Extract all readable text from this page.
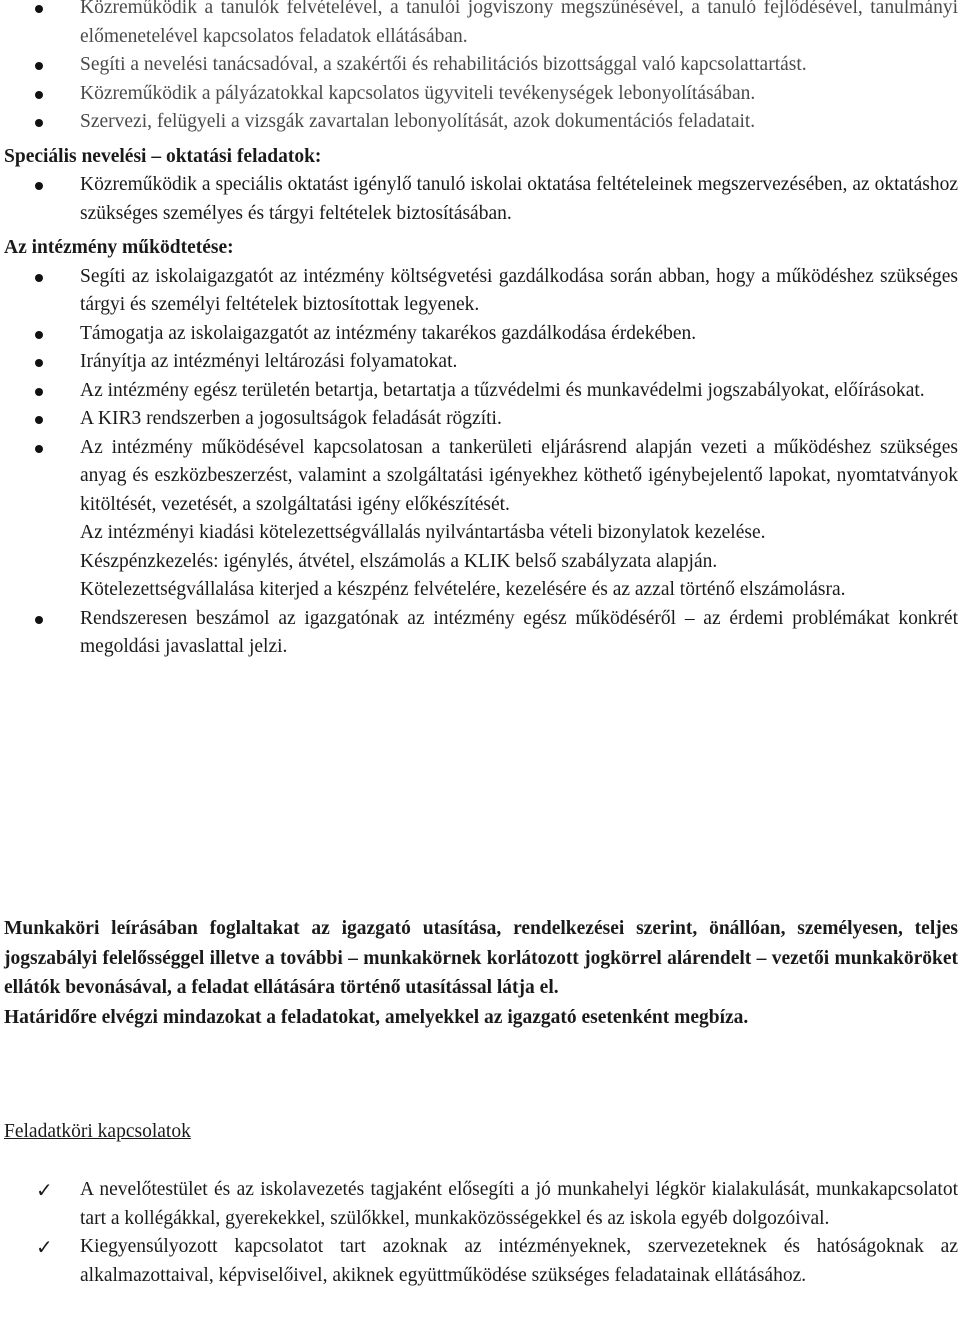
Közreműködik a tanulók felvételével, a tanulói jogviszony megszűnésével, a tanuló fejlődésével, tanulmányi előmenetelével kapcsolatos feladatok ellátásában.
Segíti a nevelési tanácsadóval, a szakértői és rehabilitációs bizottsággal való kapcsolattartást.
Közreműködik a pályázatokkal kapcsolatos ügyviteli tevékenységek lebonyolításában.
Szervezi, felügyeli a vizsgák zavartalan lebonyolítását, azok dokumentációs feladatait.
Speciális nevelési – oktatási feladatok:
Közreműködik a speciális oktatást igénylő tanuló iskolai oktatása feltételeinek megszervezésében, az oktatáshoz szükséges személyes és tárgyi feltételek biztosításában.
Az intézmény működtetése:
Segíti az iskolaigazgatót az intézmény költségvetési gazdálkodása során abban, hogy a működéshez szükséges tárgyi és személyi feltételek biztosítottak legyenek.
Támogatja az iskolaigazgatót az intézmény takarékos gazdálkodása érdekében.
Irányítja az intézményi leltározási folyamatokat.
Az intézmény egész területén betartja, betartatja a tűzvédelmi és munkavédelmi jogszabályokat, előírásokat.
A KIR3 rendszerben a jogosultságok feladását rögzíti.
Az intézmény működésével kapcsolatosan a tankerületi eljárásrend alapján vezeti a működéshez szükséges anyag és eszközbeszerzést, valamint a szolgáltatási igényekhez köthető igénybejelentő lapokat, nyomtatványok kitöltését, vezetését, a szolgáltatási igény előkészítését.
Az intézményi kiadási kötelezettségvállalás nyilvántartásba vételi bizonylatok kezelése.
Készpénzkezelés: igénylés, átvétel, elszámolás a KLIK belső szabályzata alapján.
Kötelezettségvállalása kiterjed a készpénz felvételére, kezelésére és az azzal történő elszámolásra.
Rendszeresen beszámol az igazgatónak az intézmény egész működéséről – az érdemi problémákat konkrét megoldási javaslattal jelzi.

Munkaköri leírásában foglaltakat az igazgató utasítása, rendelkezései szerint, önállóan, személyesen, teljes jogszabályi felelősséggel illetve a további – munkakörnek korlátozott jogkörrel alárendelt – vezetői munkaköröket ellátók bevonásával, a feladat ellátására történő utasítással látja el.

Határidőre elvégzi mindazokat a feladatokat, amelyekkel az igazgató esetenként megbíza.

Feladatköri kapcsolatok
✓ A nevelőtestület és az iskolavezetés tagjaként elősegíti a jó munkahelyi légkör kialakulását, munkakapcsolatot tart a kollégákkal, gyerekekkel, szülőkkel, munkaközösségekkel és az iskola egyéb dolgozóival.
✓ Kiegyensúlyozott kapcsolatot tart azoknak az intézményeknek, szervezeteknek és hatóságoknak az alkalmazottaival, képviselőivel, akiknek együttműködése szükséges feladatainak ellátásához.
